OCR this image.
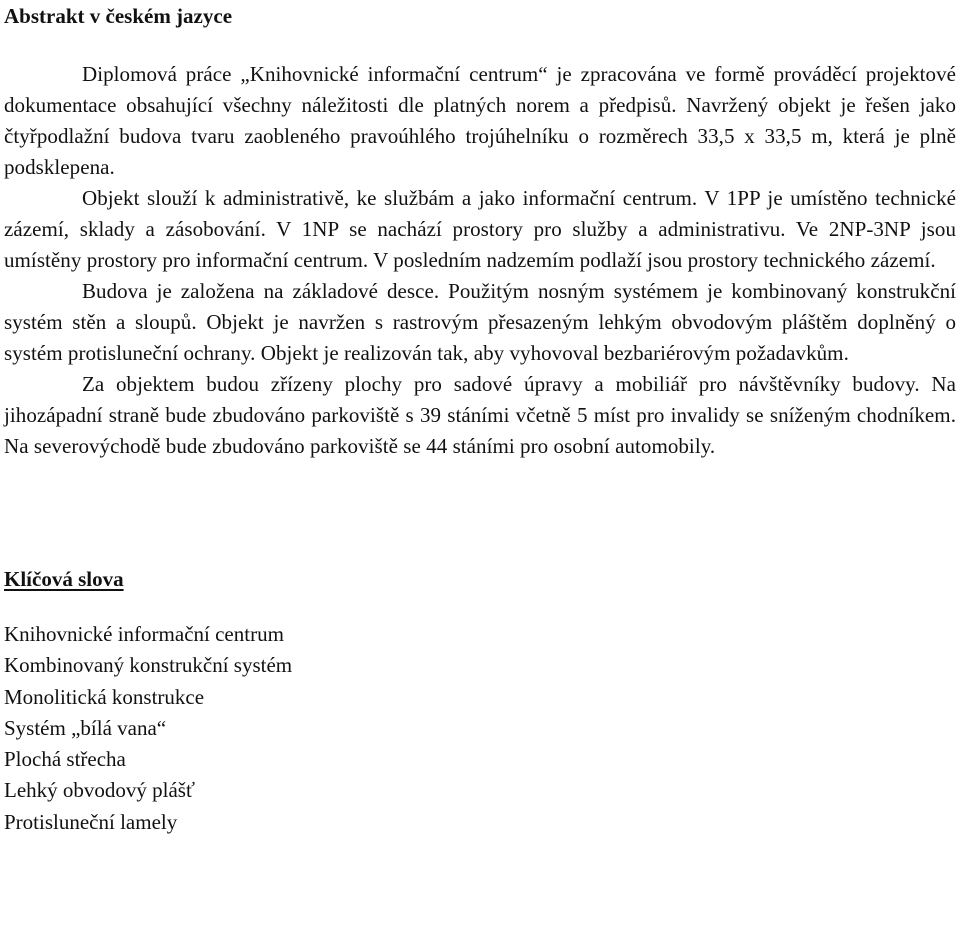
Abstrakt v českém jazyce

Diplomová práce „Knihovnické informační centrum“ je zpracována ve formě prováděcí projektové dokumentace obsahující všechny náležitosti dle platných norem a předpisů. Navržený objekt je řešen jako čtyřpodlažní budova tvaru zaobleného pravoúhlého trojúhelníku o rozměrech 33,5 x 33,5 m, která je plně podsklepena.

Objekt slouží k administrativě, ke službám a jako informační centrum. V 1PP je umístěno technické zázemí, sklady a zásobování. V 1NP se nachází prostory pro služby a administrativu. Ve 2NP-3NP jsou umístěny prostory pro informační centrum. V posledním nadzemím podlaží jsou prostory technického zázemí.

Budova je založena na základové desce. Použitým nosným systémem je kombinovaný konstrukční systém stěn a sloupů. Objekt je navržen s rastrovým přesazeným lehkým obvodovým pláštěm doplněný o systém protisluneční ochrany. Objekt je realizován tak, aby vyhovoval bezbariérovým požadavkům.

Za objektem budou zřízeny plochy pro sadové úpravy a mobiliář pro návštěvníky budovy. Na jihozápadní straně bude zbudováno parkoviště s 39 stáními včetně 5 míst pro invalidy se sníženým chodníkem. Na severovýchodě bude zbudováno parkoviště se 44 stáními pro osobní automobily.

Klíčová slova
Knihovnické informační centrum
Kombinovaný konstrukční systém
Monolitická konstrukce
Systém „bílá vana“
Plochá střecha
Lehký obvodový plášť
Protisluneční lamely
